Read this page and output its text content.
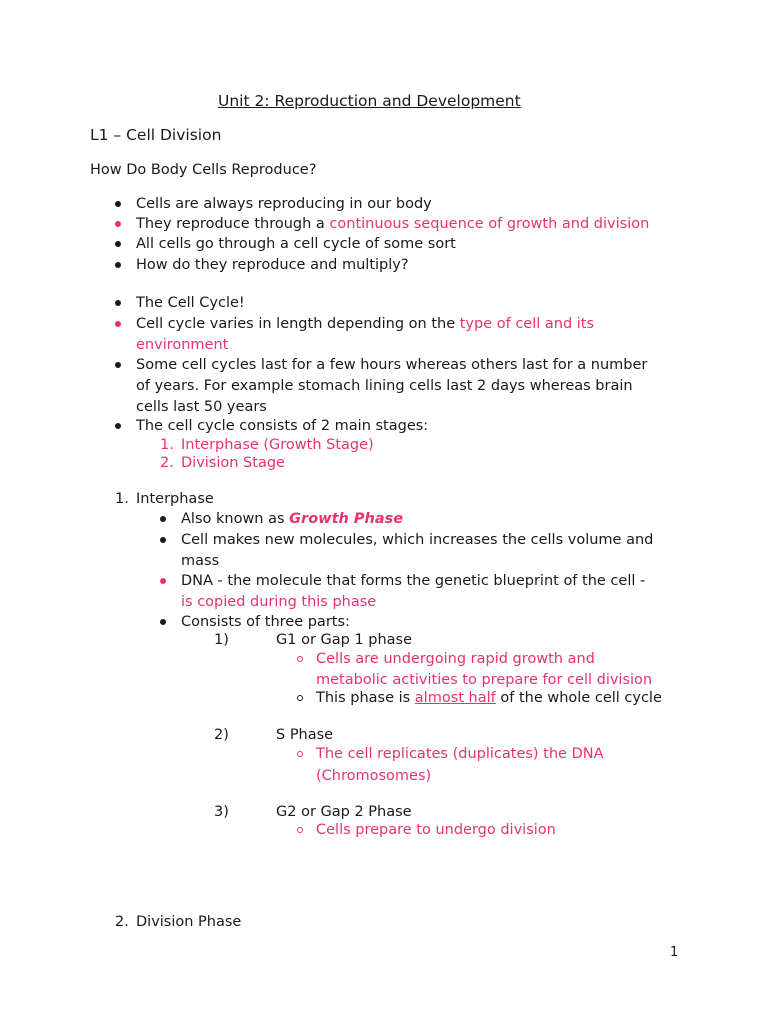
Unit 2: Reproduction and Development
L1 – Cell Division
How Do Body Cells Reproduce?
Cells are always reproducing in our body
They reproduce through a continuous sequence of growth and division
All cells go through a cell cycle of some sort
How do they reproduce and multiply?
The Cell Cycle!
Cell cycle varies in length depending on the type of cell and its
environment
Some cell cycles last for a few hours whereas others last for a number
of years. For example stomach lining cells last 2 days whereas brain
cells last 50 years
The cell cycle consists of 2 main stages:
1. Interphase (Growth Stage)
2. Division Stage
1. Interphase
Also known as Growth Phase
Cell makes new molecules, which increases the cells volume and
mass
DNA - the molecule that forms the genetic blueprint of the cell -
is copied during this phase
Consists of three parts:
1)	G1 or Gap 1 phase
Cells are undergoing rapid growth and
metabolic activities to prepare for cell division
This phase is almost half of the whole cell cycle
2)	S Phase
The cell replicates (duplicates) the DNA
(Chromosomes)
3)	G2 or Gap 2 Phase
Cells prepare to undergo division
2. Division Phase
1
